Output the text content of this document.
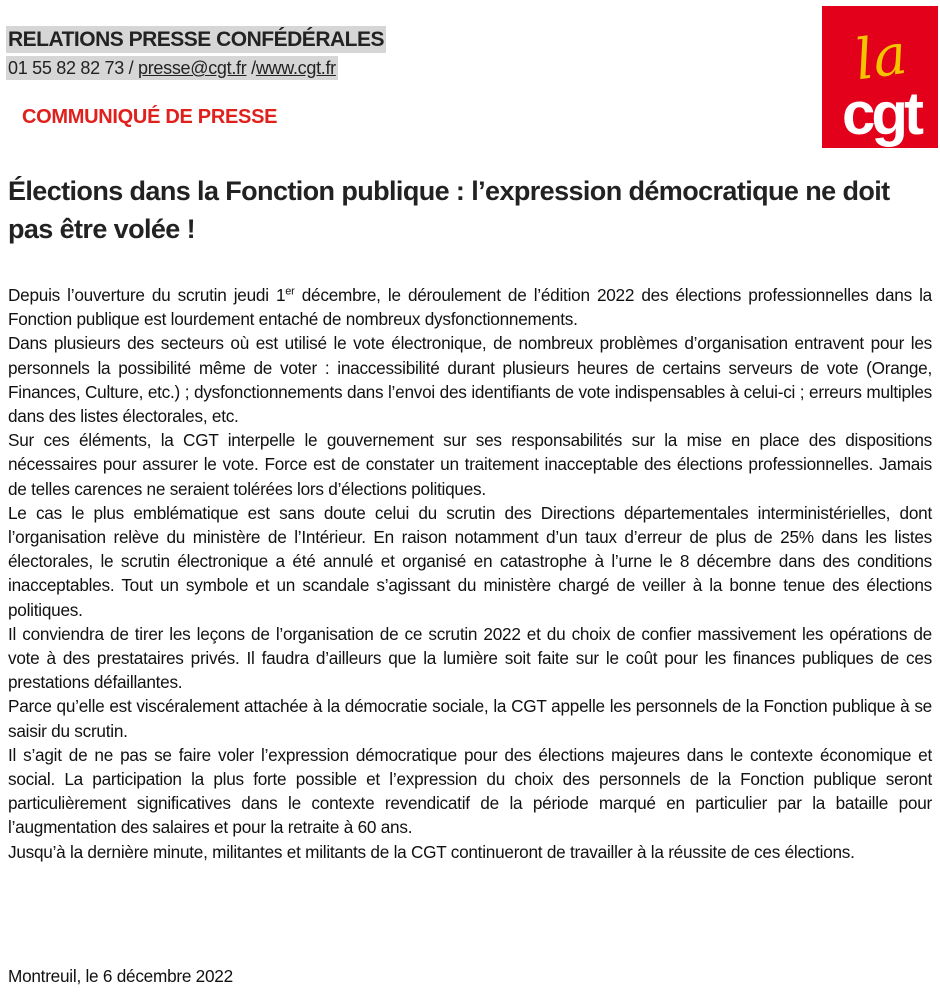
RELATIONS PRESSE CONFÉDÉRALES
01 55 82 82 73 / presse@cgt.fr /www.cgt.fr
COMMUNIQUÉ DE PRESSE
la
cgt
Élections dans la Fonction publique : l’expression démocratique ne doit pas être volée !

Depuis l’ouverture du scrutin jeudi 1er décembre, le déroulement de l’édition 2022 des élections professionnelles dans la Fonction publique est lourdement entaché de nombreux dysfonctionnements.

Dans plusieurs des secteurs où est utilisé le vote électronique, de nombreux problèmes d’organisation entravent pour les personnels la possibilité même de voter : inaccessibilité durant plusieurs heures de certains serveurs de vote (Orange, Finances, Culture, etc.) ; dysfonctionnements dans l’envoi des identifiants de vote indispensables à celui-ci ; erreurs multiples dans des listes électorales, etc.

Sur ces éléments, la CGT interpelle le gouvernement sur ses responsabilités sur la mise en place des dispositions nécessaires pour assurer le vote. Force est de constater un traitement inacceptable des élections professionnelles. Jamais de telles carences ne seraient tolérées lors d’élections politiques.

Le cas le plus emblématique est sans doute celui du scrutin des Directions départementales interministérielles, dont l’organisation relève du ministère de l’Intérieur. En raison notamment d’un taux d’erreur de plus de 25% dans les listes électorales, le scrutin électronique a été annulé et organisé en catastrophe à l’urne le 8 décembre dans des conditions inacceptables. Tout un symbole et un scandale s’agissant du ministère chargé de veiller à la bonne tenue des élections politiques.

Il conviendra de tirer les leçons de l’organisation de ce scrutin 2022 et du choix de confier massivement les opérations de vote à des prestataires privés. Il faudra d’ailleurs que la lumière soit faite sur le coût pour les finances publiques de ces prestations défaillantes.

Parce qu’elle est viscéralement attachée à la démocratie sociale, la CGT appelle les personnels de la Fonction publique à se saisir du scrutin.

Il s’agit de ne pas se faire voler l’expression démocratique pour des élections majeures dans le contexte économique et social. La participation la plus forte possible et l’expression du choix des personnels de la Fonction publique seront particulièrement significatives dans le contexte revendicatif de la période marqué en particulier par la bataille pour l’augmentation des salaires et pour la retraite à 60 ans.

Jusqu’à la dernière minute, militantes et militants de la CGT continueront de travailler à la réussite de ces élections.

Montreuil, le 6 décembre 2022
